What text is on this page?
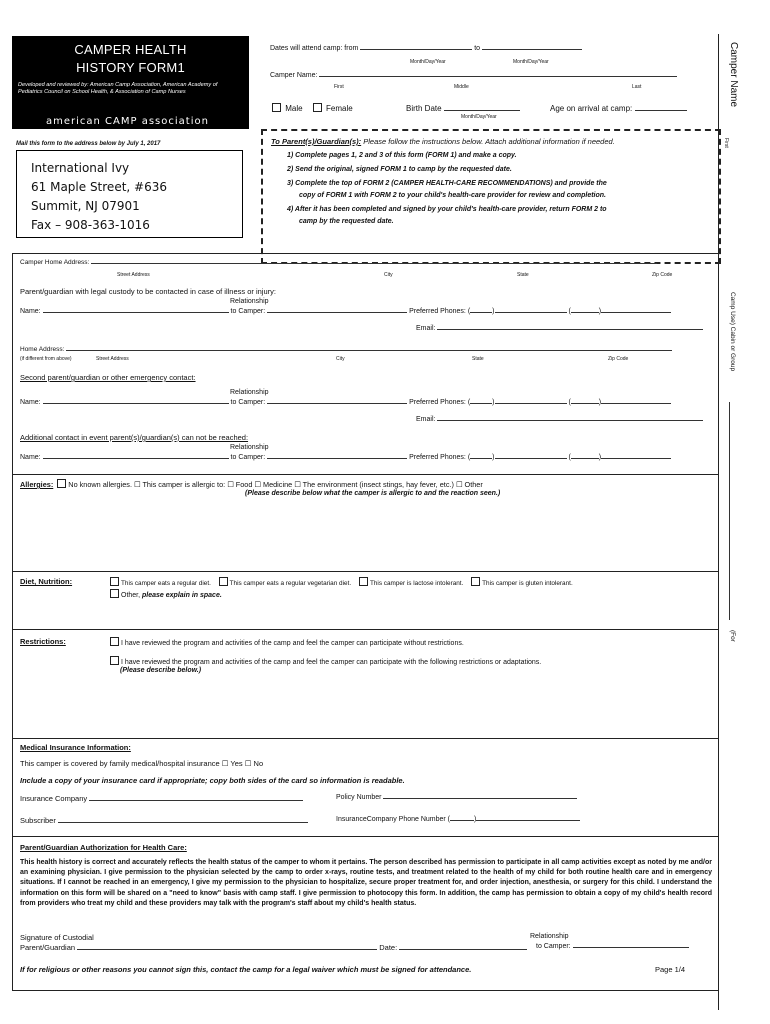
CAMPER HEALTH
HISTORY FORM1
Developed and reviewed by: American Camp Association, American Academy of Pediatrics Council on School Health, & Association of Camp Nurses
american CAMP association
Mail this form to the address below by July 1, 2017
International Ivy
61 Maple Street, #636
Summit, NJ 07901
Fax – 908-363-1016
Dates will attend camp: from	to
Month/Day/Year	Month/Day/Year
Camper Name:
First	Middle	Last
Male	Female	Birth Date	Age on arrival at camp:
Month/Day/Year
To Parent(s)/Guardian(s): Please follow the instructions below. Attach additional information if needed.
1) Complete pages 1, 2 and 3 of this form (FORM 1) and make a copy.
2) Send the original, signed FORM 1 to camp by the requested date.
3) Complete the top of FORM 2 (CAMPER HEALTH-CARE RECOMMENDATIONS) and provide the
copy of FORM 1 with FORM 2 to your child's health-care provider for review and completion.
4) After it has been completed and signed by your child's health-care provider, return FORM 2 to
camp by the requested date.
Camper Name
First
Camp Use) Cabin or Group
(For
Camper Home Address:
Street Address	City	State	Zip Code
Parent/guardian with legal custody to be contacted in case of illness or injury:
Relationship
Name:	to Camper:	Preferred Phones: (	)	(	)
Email:
Home Address:
(if different from above)	Street Address	City	State	Zip Code
Second parent/guardian or other emergency contact:
Relationship
Name:	to Camper:	Preferred Phones: (	)	(	)
Email:
Additional contact in event parent(s)/guardian(s) can not be reached:
Relationship
Name:	to Camper:	Preferred Phones: (	)	(	)
Allergies: No known allergies. ☐ This camper is allergic to: ☐ Food ☐ Medicine ☐ The environment (insect stings, hay fever, etc.) ☐ Other
(Please describe below what the camper is allergic to and the reaction seen.)
Diet, Nutrition:	This camper eats a regular diet.	This camper eats a regular vegetarian diet.	This camper is lactose intolerant.	This camper is gluten intolerant.
Other, please explain in space.
Restrictions:	I have reviewed the program and activities of the camp and feel the camper can participate without restrictions.
I have reviewed the program and activities of the camp and feel the camper can participate with the following restrictions or adaptations.
(Please describe below.)
Medical Insurance Information:
This camper is covered by family medical/hospital insurance ☐ Yes ☐ No
Include a copy of your insurance card if appropriate; copy both sides of the card so information is readable.
Insurance Company	Policy Number
Subscriber	InsuranceCompany Phone Number (	)
Parent/Guardian Authorization for Health Care:
This health history is correct and accurately reflects the health status of the camper to whom it pertains. The person described has permission to participate in all camp activities except as noted by me and/or an examining physician. I give permission to the physician selected by the camp to order x-rays, routine tests, and treatment related to the health of my child for both routine health care and in emergency situations. If I cannot be reached in an emergency, I give my permission to the physician to hospitalize, secure proper treatment for, and order injection, anesthesia, or surgery for this child. I understand the information on this form will be shared on a "need to know" basis with camp staff. I give permission to photocopy this form. In addition, the camp has permission to obtain a copy of my child's health record from providers who treat my child and these providers may talk with the program's staff about my child's health status.
Signature of Custodial
Parent/Guardian	Date:
Relationship
to Camper:
If for religious or other reasons you cannot sign this, contact the camp for a legal waiver which must be signed for attendance.	Page 1/4
